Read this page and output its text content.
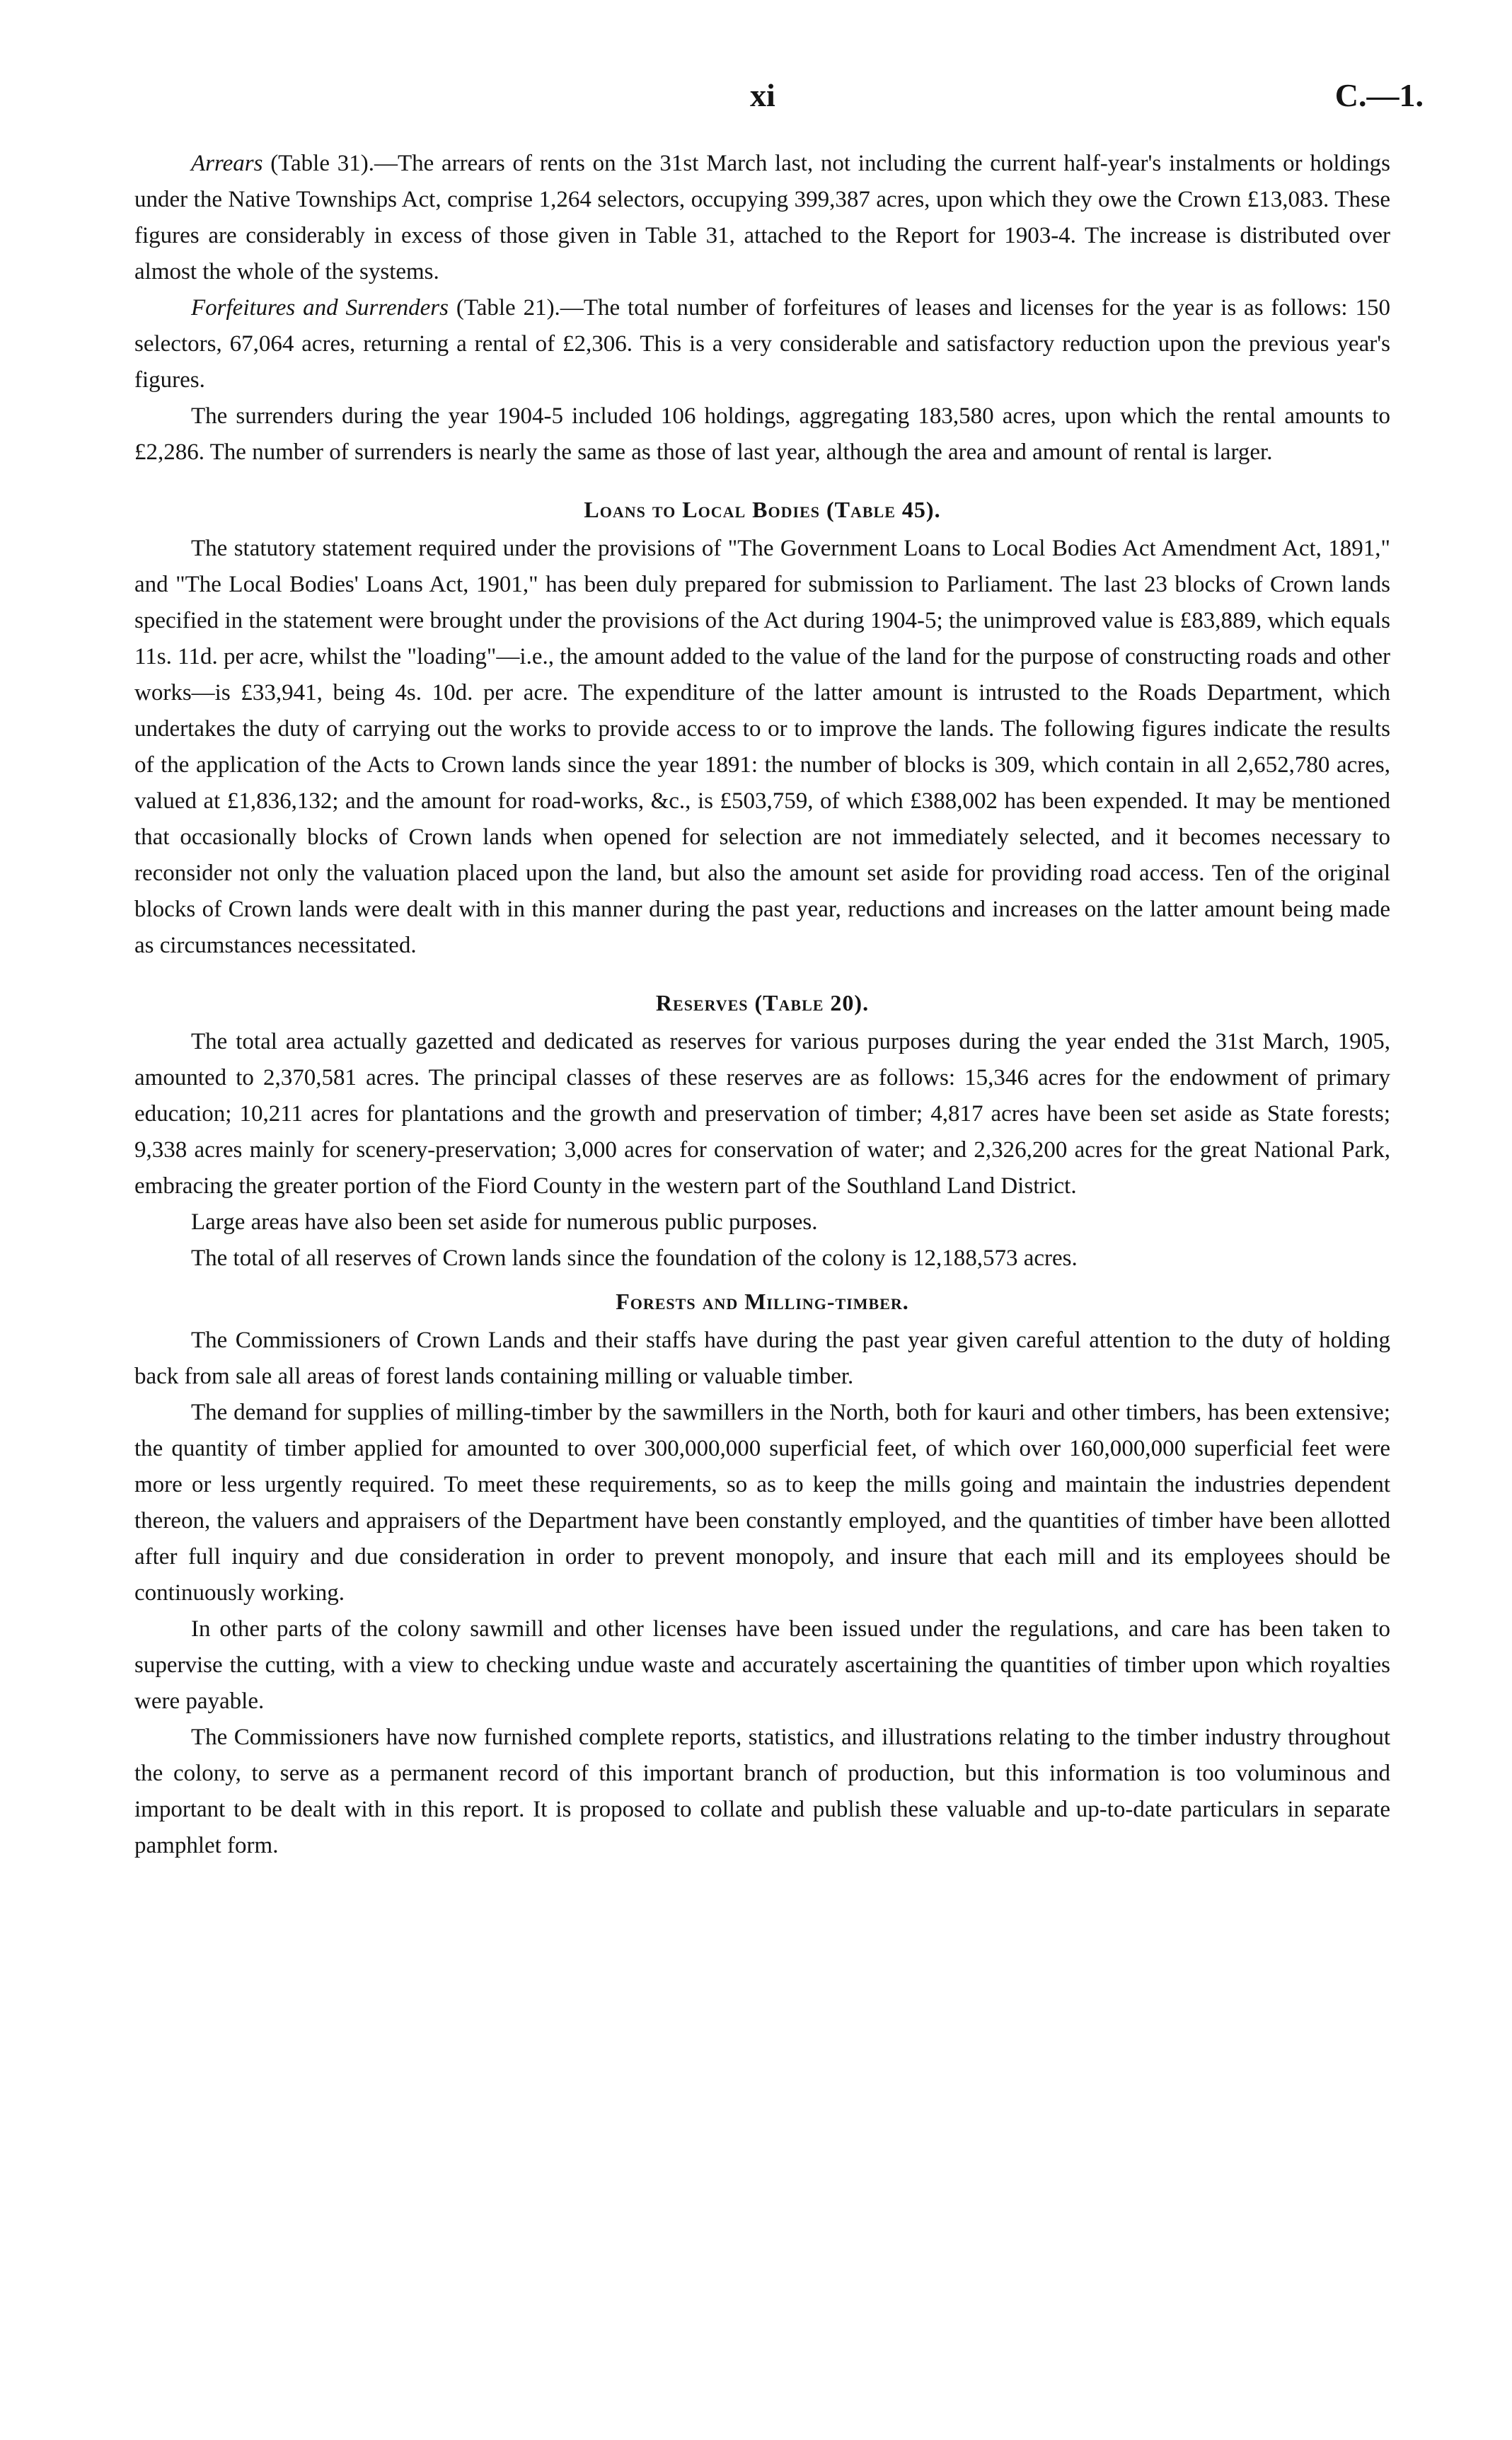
xi	C.—1.

Arrears (Table 31).—The arrears of rents on the 31st March last, not including the current half-year's instalments or holdings under the Native Townships Act, comprise 1,264 selectors, occupying 399,387 acres, upon which they owe the Crown £13,083. These figures are considerably in excess of those given in Table 31, attached to the Report for 1903-4. The increase is distributed over almost the whole of the systems.

Forfeitures and Surrenders (Table 21).—The total number of forfeitures of leases and licenses for the year is as follows: 150 selectors, 67,064 acres, returning a rental of £2,306. This is a very considerable and satisfactory reduction upon the previous year's figures.

The surrenders during the year 1904-5 included 106 holdings, aggregating 183,580 acres, upon which the rental amounts to £2,286. The number of surrenders is nearly the same as those of last year, although the area and amount of rental is larger.

Loans to Local Bodies (Table 45).

The statutory statement required under the provisions of "The Government Loans to Local Bodies Act Amendment Act, 1891," and "The Local Bodies' Loans Act, 1901," has been duly prepared for submission to Parliament. The last 23 blocks of Crown lands specified in the statement were brought under the provisions of the Act during 1904-5; the unimproved value is £83,889, which equals 11s. 11d. per acre, whilst the "loading"—i.e., the amount added to the value of the land for the purpose of constructing roads and other works—is £33,941, being 4s. 10d. per acre. The expenditure of the latter amount is intrusted to the Roads Department, which undertakes the duty of carrying out the works to provide access to or to improve the lands. The following figures indicate the results of the application of the Acts to Crown lands since the year 1891: the number of blocks is 309, which contain in all 2,652,780 acres, valued at £1,836,132; and the amount for road-works, &c., is £503,759, of which £388,002 has been expended. It may be mentioned that occasionally blocks of Crown lands when opened for selection are not immediately selected, and it becomes necessary to reconsider not only the valuation placed upon the land, but also the amount set aside for providing road access. Ten of the original blocks of Crown lands were dealt with in this manner during the past year, reductions and increases on the latter amount being made as circumstances necessitated.

Reserves (Table 20).

The total area actually gazetted and dedicated as reserves for various purposes during the year ended the 31st March, 1905, amounted to 2,370,581 acres. The principal classes of these reserves are as follows: 15,346 acres for the endowment of primary education; 10,211 acres for plantations and the growth and preservation of timber; 4,817 acres have been set aside as State forests; 9,338 acres mainly for scenery-preservation; 3,000 acres for conservation of water; and 2,326,200 acres for the great National Park, embracing the greater portion of the Fiord County in the western part of the Southland Land District.

Large areas have also been set aside for numerous public purposes.

The total of all reserves of Crown lands since the foundation of the colony is 12,188,573 acres.

Forests and Milling-timber.

The Commissioners of Crown Lands and their staffs have during the past year given careful attention to the duty of holding back from sale all areas of forest lands containing milling or valuable timber.

The demand for supplies of milling-timber by the sawmillers in the North, both for kauri and other timbers, has been extensive; the quantity of timber applied for amounted to over 300,000,000 superficial feet, of which over 160,000,000 superficial feet were more or less urgently required. To meet these requirements, so as to keep the mills going and maintain the industries dependent thereon, the valuers and appraisers of the Department have been constantly employed, and the quantities of timber have been allotted after full inquiry and due consideration in order to prevent monopoly, and insure that each mill and its employees should be continuously working.

In other parts of the colony sawmill and other licenses have been issued under the regulations, and care has been taken to supervise the cutting, with a view to checking undue waste and accurately ascertaining the quantities of timber upon which royalties were payable.

The Commissioners have now furnished complete reports, statistics, and illustrations relating to the timber industry throughout the colony, to serve as a permanent record of this important branch of production, but this information is too voluminous and important to be dealt with in this report. It is proposed to collate and publish these valuable and up-to-date particulars in separate pamphlet form.
